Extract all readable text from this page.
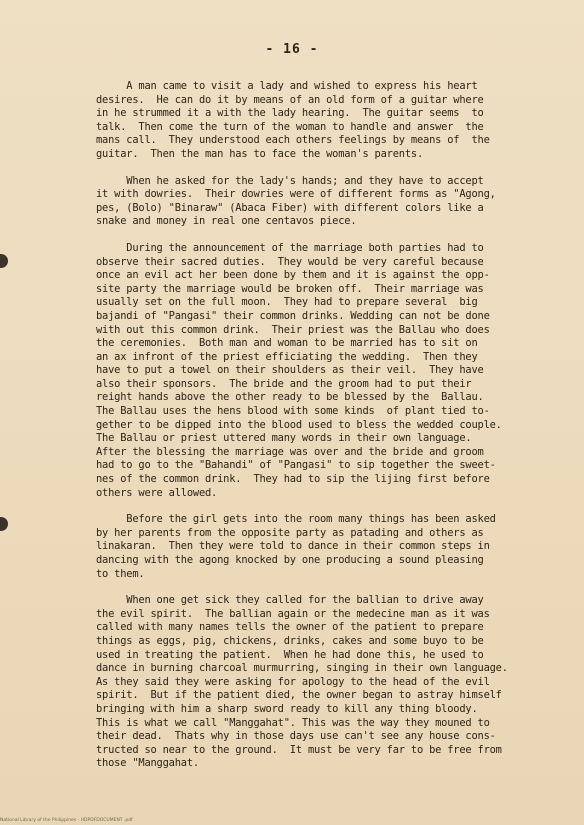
- 16 -

A man came to visit a lady and wished to express his heart
desires.  He can do it by means of an old form of a guitar where
in he strummed it a with the lady hearing.  The guitar seems  to
talk.  Then come the turn of the woman to handle and answer  the
mans call.  They understood each others feelings by means of  the
guitar.  Then the man has to face the woman's parents.

When he asked for the lady's hands; and they have to accept
it with dowries.  Their dowries were of different forms as "Agong,
pes, (Bolo) "Binaraw" (Abaca Fiber) with different colors like a
snake and money in real one centavos piece.

During the announcement of the marriage both parties had to
observe their sacred duties.  They would be very careful because
once an evil act her been done by them and it is against the opp-
site party the marriage would be broken off.  Their marriage was
usually set on the full moon.  They had to prepare several  big
bajandi of "Pangasi" their common drinks. Wedding can not be done
with out this common drink.  Their priest was the Ballau who does
the ceremonies.  Both man and woman to be married has to sit on
an ax infront of the priest efficiating the wedding.  Then they
have to put a towel on their shoulders as their veil.  They have
also their sponsors.  The bride and the groom had to put their
reight hands above the other ready to be blessed by the  Ballau.
The Ballau uses the hens blood with some kinds  of plant tied to-
gether to be dipped into the blood used to bless the wedded couple.
The Ballau or priest uttered many words in their own language.
After the blessing the marriage was over and the bride and groom
had to go to the "Bahandi" of "Pangasi" to sip together the sweet-
nes of the common drink.  They had to sip the lijing first before
others were allowed.

Before the girl gets into the room many things has been asked
by her parents from the opposite party as patading and others as
linakaran.  Then they were told to dance in their common steps in
dancing with the agong knocked by one producing a sound pleasing
to them.

When one get sick they called for the ballian to drive away
the evil spirit.  The ballian again or the medecine man as it was
called with many names tells the owner of the patient to prepare
things as eggs, pig, chickens, drinks, cakes and some buyo to be
used in treating the patient.  When he had done this, he used to
dance in burning charcoal murmurring, singing in their own language.
As they said they were asking for apology to the head of the evil
spirit.  But if the patient died, the owner began to astray himself
bringing with him a sharp sword ready to kill any thing bloody.
This is what we call "Manggahat". This was the way they mouned to
their dead.  Thats why in those days use can't see any house cons-
tructed so near to the ground.  It must be very far to be free from
those "Manggahat.

National Library of the Philippines - HDPDFDOCUMENT .pdf
